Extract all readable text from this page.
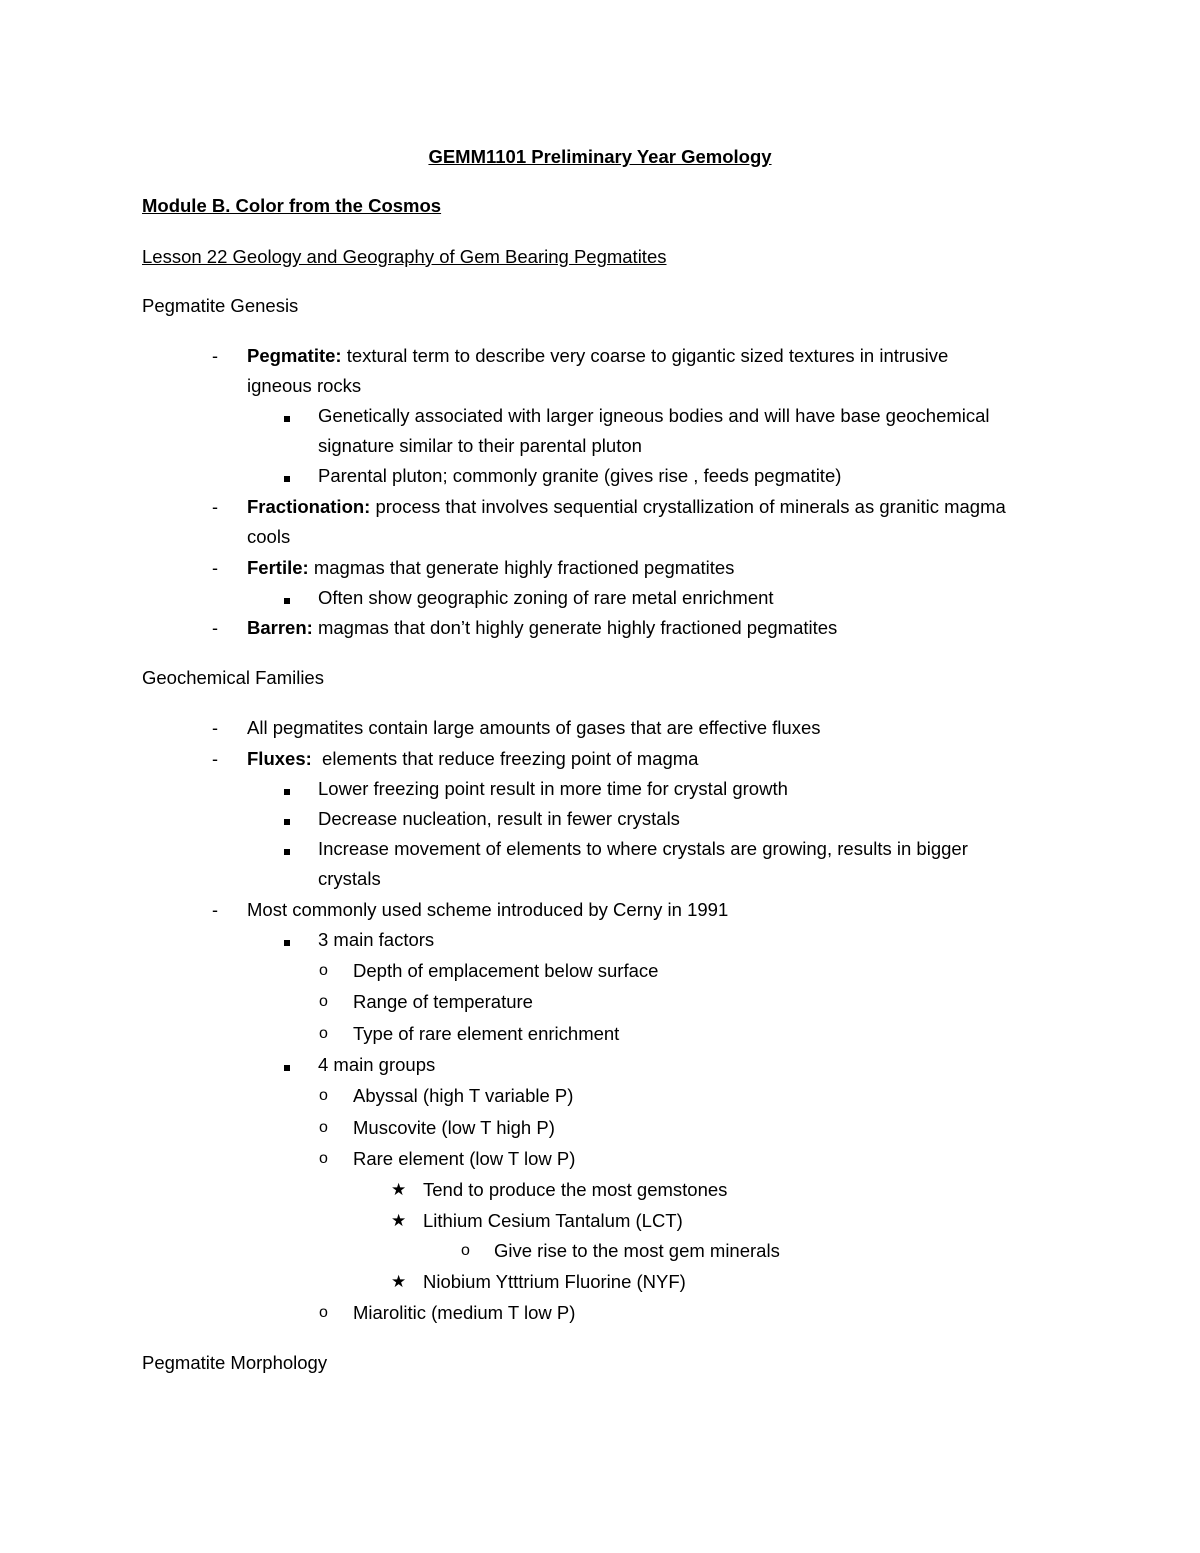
GEMM1101 Preliminary Year Gemology
Module B. Color from the Cosmos
Lesson 22 Geology and Geography of Gem Bearing Pegmatites
Pegmatite Genesis
- Pegmatite: textural term to describe very coarse to gigantic sized textures in intrusive
igneous rocks
Genetically associated with larger igneous bodies and will have base geochemical
signature similar to their parental pluton
Parental pluton; commonly granite (gives rise , feeds pegmatite)
- Fractionation: process that involves sequential crystallization of minerals as granitic magma
cools
- Fertile: magmas that generate highly fractioned pegmatites
Often show geographic zoning of rare metal enrichment
- Barren: magmas that don’t highly generate highly fractioned pegmatites
Geochemical Families
- All pegmatites contain large amounts of gases that are effective fluxes
- Fluxes:  elements that reduce freezing point of magma
Lower freezing point result in more time for crystal growth
Decrease nucleation, result in fewer crystals
Increase movement of elements to where crystals are growing, results in bigger
crystals
- Most commonly used scheme introduced by Cerny in 1991
3 main factors
o Depth of emplacement below surface
o Range of temperature
o Type of rare element enrichment
4 main groups
o Abyssal (high T variable P)
o Muscovite (low T high P)
o Rare element (low T low P)
★ Tend to produce the most gemstones
★ Lithium Cesium Tantalum (LCT)
o Give rise to the most gem minerals
★ Niobium Ytttrium Fluorine (NYF)
o Miarolitic (medium T low P)
Pegmatite Morphology
